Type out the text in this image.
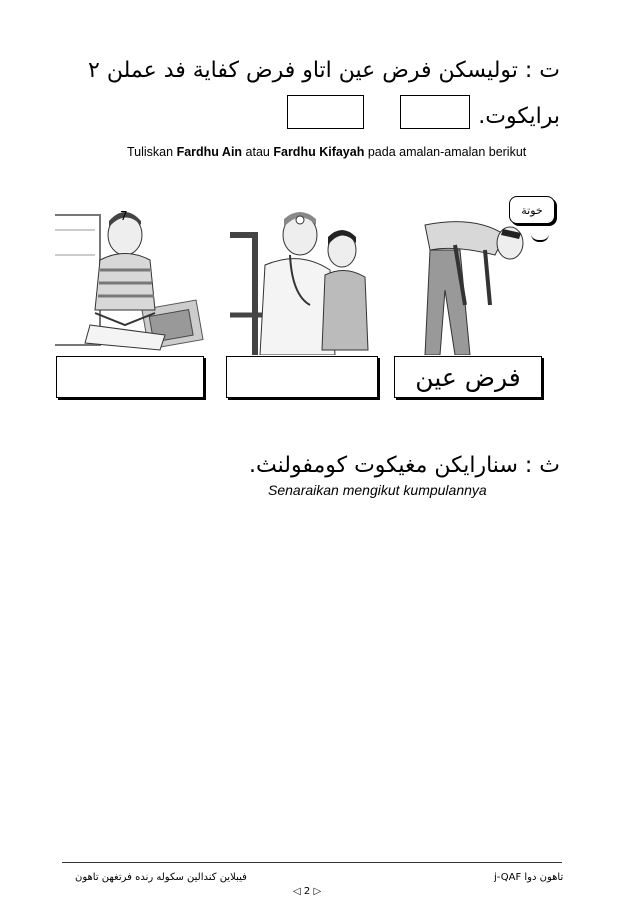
ت : توليسكن فرض عين اتاو فرض كفاية فد عملن ٢
برايكوت.
Tuliskan Fardhu Ain atau Fardhu Kifayah pada amalan-amalan berikut
7	خوتة
فرض عين
ث : سنارايكن مغيكوت كومفولنث.
Senaraikan mengikut kumpulannya
فيبلاين كندالين سكوله رنده فرتغهن تاهون	j-QAF تاهون دوا
◁ 2 ▷
